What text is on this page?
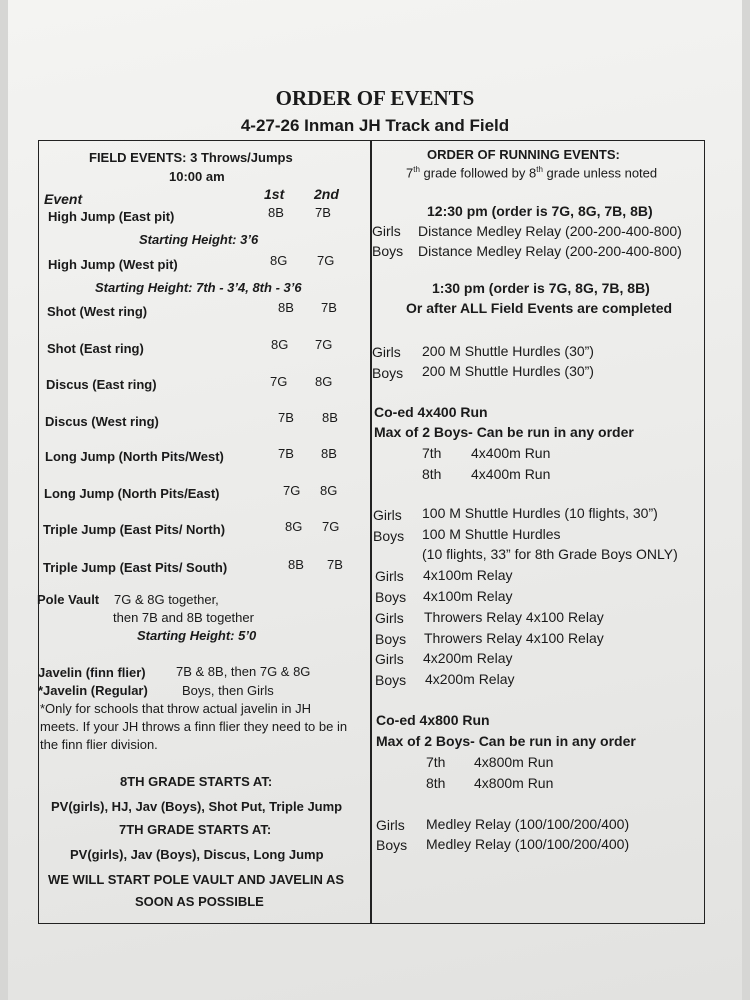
ORDER OF EVENTS
4-27-26 Inman JH Track and Field
FIELD EVENTS: 3 Throws/Jumps
10:00 am
Event	1st 2nd
High Jump (East pit)	8B 7B
Starting Height: 3’6
High Jump (West pit)	8G 7G
Starting Height: 7th - 3’4, 8th - 3’6
Shot (West ring)	8B 7B
Shot (East ring)	8G 7G
Discus (East ring)	7G 8G
Discus (West ring)	7B 8B
Long Jump (North Pits/West)	7B 8B
Long Jump (North Pits/East)	7G 8G
Triple Jump (East Pits/ North)	8G 7G
Triple Jump (East Pits/ South)	8B 7B
Pole Vault 7G & 8G together,
then 7B and 8B together
Starting Height: 5’0
Javelin (finn flier) 7B & 8B, then 7G & 8G
*Javelin (Regular)	Boys, then Girls
*Only for schools that throw actual javelin in JH
meets. If your JH throws a finn flier they need to be in
the finn flier division.
8TH GRADE STARTS AT:
PV(girls), HJ, Jav (Boys), Shot Put, Triple Jump
7TH GRADE STARTS AT:
PV(girls), Jav (Boys), Discus, Long Jump
WE WILL START POLE VAULT AND JAVELIN AS
SOON AS POSSIBLE
ORDER OF RUNNING EVENTS:
7th grade followed by 8th grade unless noted
12:30 pm (order is 7G, 8G, 7B, 8B)
Girls Distance Medley Relay (200-200-400-800)
Boys Distance Medley Relay (200-200-400-800)
1:30 pm (order is 7G, 8G, 7B, 8B)
Or after ALL Field Events are completed
Girls 200 M Shuttle Hurdles (30”)
Boys 200 M Shuttle Hurdles (30”)
Co-ed 4x400 Run
Max of 2 Boys- Can be run in any order
7th 4x400m Run
8th 4x400m Run
Girls 100 M Shuttle Hurdles (10 flights, 30”)
Boys 100 M Shuttle Hurdles
(10 flights, 33” for 8th Grade Boys ONLY)
Girls 4x100m Relay
Boys 4x100m Relay
Girls Throwers Relay 4x100 Relay
Boys Throwers Relay 4x100 Relay
Girls 4x200m Relay
Boys 4x200m Relay
Co-ed 4x800 Run
Max of 2 Boys- Can be run in any order
7th 4x800m Run
8th 4x800m Run
Girls Medley Relay (100/100/200/400)
Boys Medley Relay (100/100/200/400)
